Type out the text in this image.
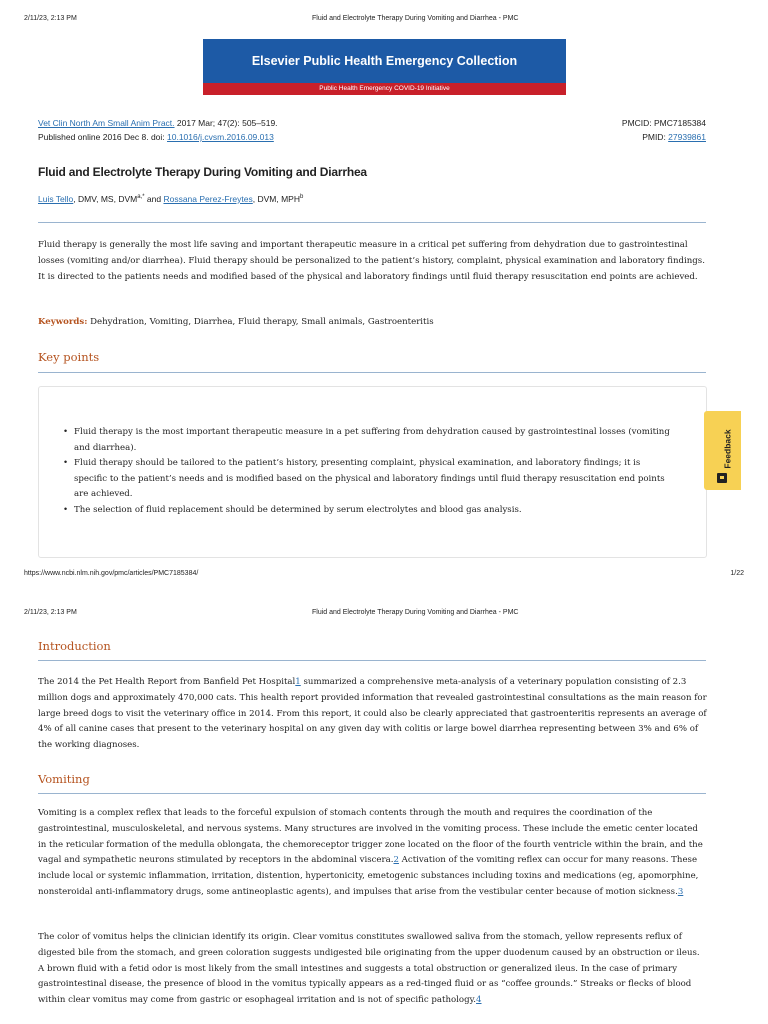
2/11/23, 2:13 PM	Fluid and Electrolyte Therapy During Vomiting and Diarrhea - PMC
Elsevier Public Health Emergency Collection
Public Health Emergency COVID-19 Initiative
Vet Clin North Am Small Anim Pract. 2017 Mar; 47(2): 505–519.
Published online 2016 Dec 8. doi: 10.1016/j.cvsm.2016.09.013
PMCID: PMC7185384
PMID: 27939861
Fluid and Electrolyte Therapy During Vomiting and Diarrhea
Luis Tello, DMV, MS, $DVM^{a,*}$ and Rossana Perez-Freytes, DVM, MPH$^b$
Fluid therapy is generally the most life saving and important therapeutic measure in a critical pet suffering from dehydration due to gastrointestinal losses (vomiting and/or diarrhea). Fluid therapy should be personalized to the patient’s history, complaint, physical examination and laboratory findings. It is directed to the patients needs and modified based of the physical and laboratory findings until fluid therapy resuscitation end points are achieved.
Keywords: Dehydration, Vomiting, Diarrhea, Fluid therapy, Small animals, Gastroenteritis
Key points
• Fluid therapy is the most important therapeutic measure in a pet suffering from dehydration caused by gastrointestinal losses (vomiting and diarrhea).
• Fluid therapy should be tailored to the patient’s history, presenting complaint, physical examination, and laboratory findings; it is specific to the patient’s needs and is modified based on the physical and laboratory findings until fluid therapy resuscitation end points are achieved.
• The selection of fluid replacement should be determined by serum electrolytes and blood gas analysis.
Feedback
https://www.ncbi.nlm.nih.gov/pmc/articles/PMC7185384/	1/22
2/11/23, 2:13 PM	Fluid and Electrolyte Therapy During Vomiting and Diarrhea - PMC
Introduction
The 2014 the Pet Health Report from Banfield Pet Hospital1 summarized a comprehensive meta-analysis of a veterinary population consisting of 2.3 million dogs and approximately 470,000 cats. This health report provided information that revealed gastrointestinal consultations as the main reason for large breed dogs to visit the veterinary office in 2014. From this report, it could also be clearly appreciated that gastroenteritis represents an average of 4% of all canine cases that present to the veterinary hospital on any given day with colitis or large bowel diarrhea representing between 3% and 6% of the working diagnoses.
Vomiting
Vomiting is a complex reflex that leads to the forceful expulsion of stomach contents through the mouth and requires the coordination of the gastrointestinal, musculoskeletal, and nervous systems. Many structures are involved in the vomiting process. These include the emetic center located in the reticular formation of the medulla oblongata, the chemoreceptor trigger zone located on the floor of the fourth ventricle within the brain, and the vagal and sympathetic neurons stimulated by receptors in the abdominal viscera.2 Activation of the vomiting reflex can occur for many reasons. These include local or systemic inflammation, irritation, distention, hypertonicity, emetogenic substances including toxins and medications (eg, apomorphine, nonsteroidal anti-inflammatory drugs, some antineoplastic agents), and impulses that arise from the vestibular center because of motion sickness.3
The color of vomitus helps the clinician identify its origin. Clear vomitus constitutes swallowed saliva from the stomach, yellow represents reflux of digested bile from the stomach, and green coloration suggests undigested bile originating from the upper duodenum caused by an obstruction or ileus. A brown fluid with a fetid odor is most likely from the small intestines and suggests a total obstruction or generalized ileus. In the case of primary gastrointestinal disease, the presence of blood in the vomitus typically appears as a red-tinged fluid or as “coffee grounds.” Streaks or flecks of blood within clear vomitus may come from gastric or esophageal irritation and is not of specific pathology.4
